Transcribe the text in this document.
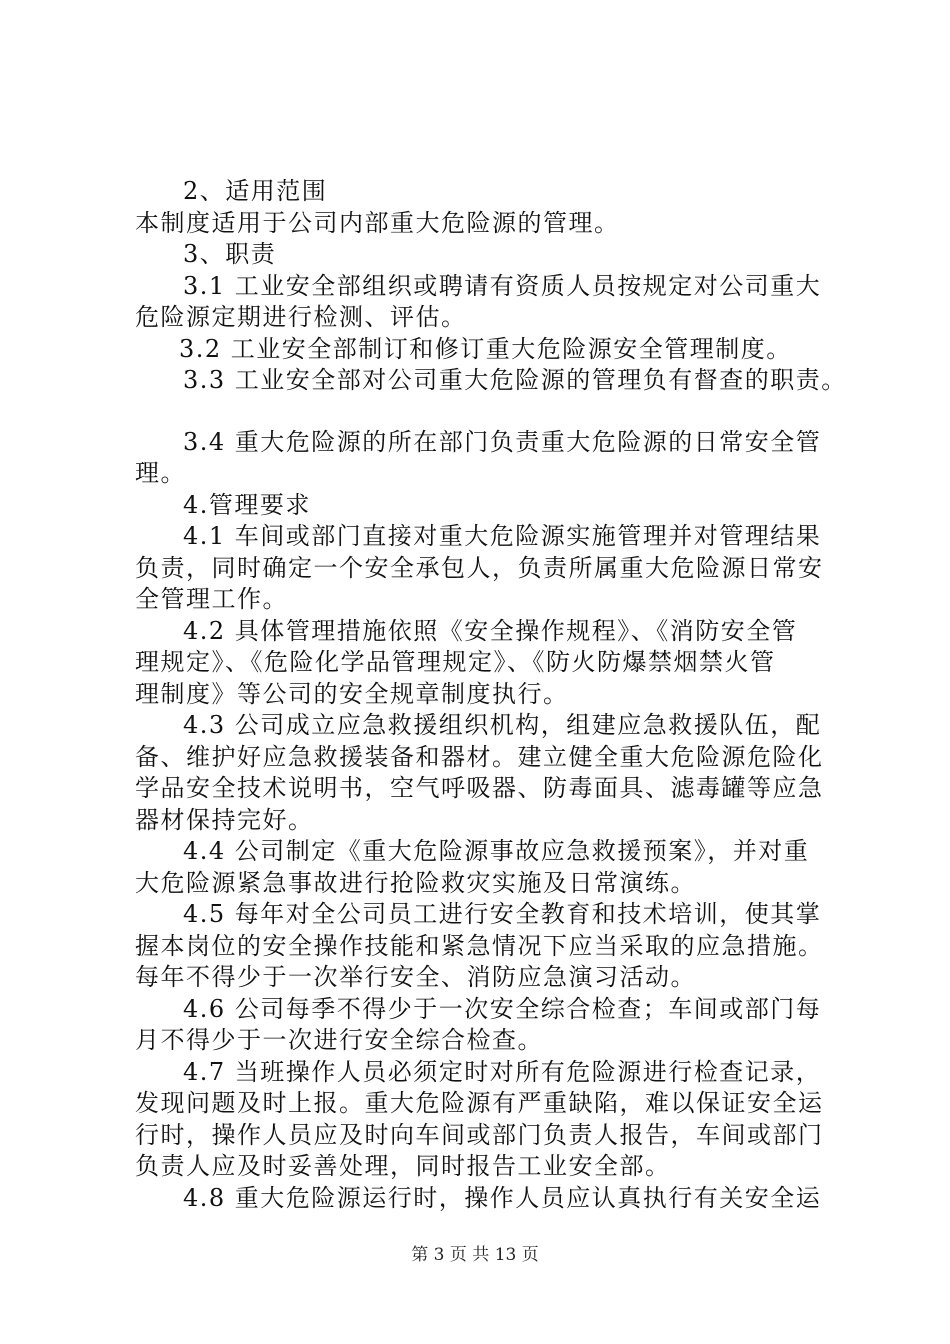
2、适用范围

本制度适用于公司内部重大危险源的管理。

3、职责

3.1 工业安全部组织或聘请有资质人员按规定对公司重大
危险源定期进行检测、评估。

3.2 工业安全部制订和修订重大危险源安全管理制度。

3.3 工业安全部对公司重大危险源的管理负有督查的职责。

3.4 重大危险源的所在部门负责重大危险源的日常安全管
理。

4.管理要求

4.1 车间或部门直接对重大危险源实施管理并对管理结果
负责，同时确定一个安全承包人，负责所属重大危险源日常安
全管理工作。

4.2 具体管理措施依照《安全操作规程》、《消防安全管
理规定》、《危险化学品管理规定》、《防火防爆禁烟禁火管
理制度》等公司的安全规章制度执行。

4.3 公司成立应急救援组织机构，组建应急救援队伍，配
备、维护好应急救援装备和器材。建立健全重大危险源危险化
学品安全技术说明书，空气呼吸器、防毒面具、滤毒罐等应急
器材保持完好。

4.4 公司制定《重大危险源事故应急救援预案》，并对重
大危险源紧急事故进行抢险救灾实施及日常演练。

4.5 每年对全公司员工进行安全教育和技术培训，使其掌
握本岗位的安全操作技能和紧急情况下应当采取的应急措施。
每年不得少于一次举行安全、消防应急演习活动。

4.6 公司每季不得少于一次安全综合检查；车间或部门每
月不得少于一次进行安全综合检查。

4.7 当班操作人员必须定时对所有危险源进行检查记录，
发现问题及时上报。重大危险源有严重缺陷，难以保证安全运
行时，操作人员应及时向车间或部门负责人报告，车间或部门
负责人应及时妥善处理，同时报告工业安全部。

4.8 重大危险源运行时，操作人员应认真执行有关安全运

第 3 页 共 13 页
